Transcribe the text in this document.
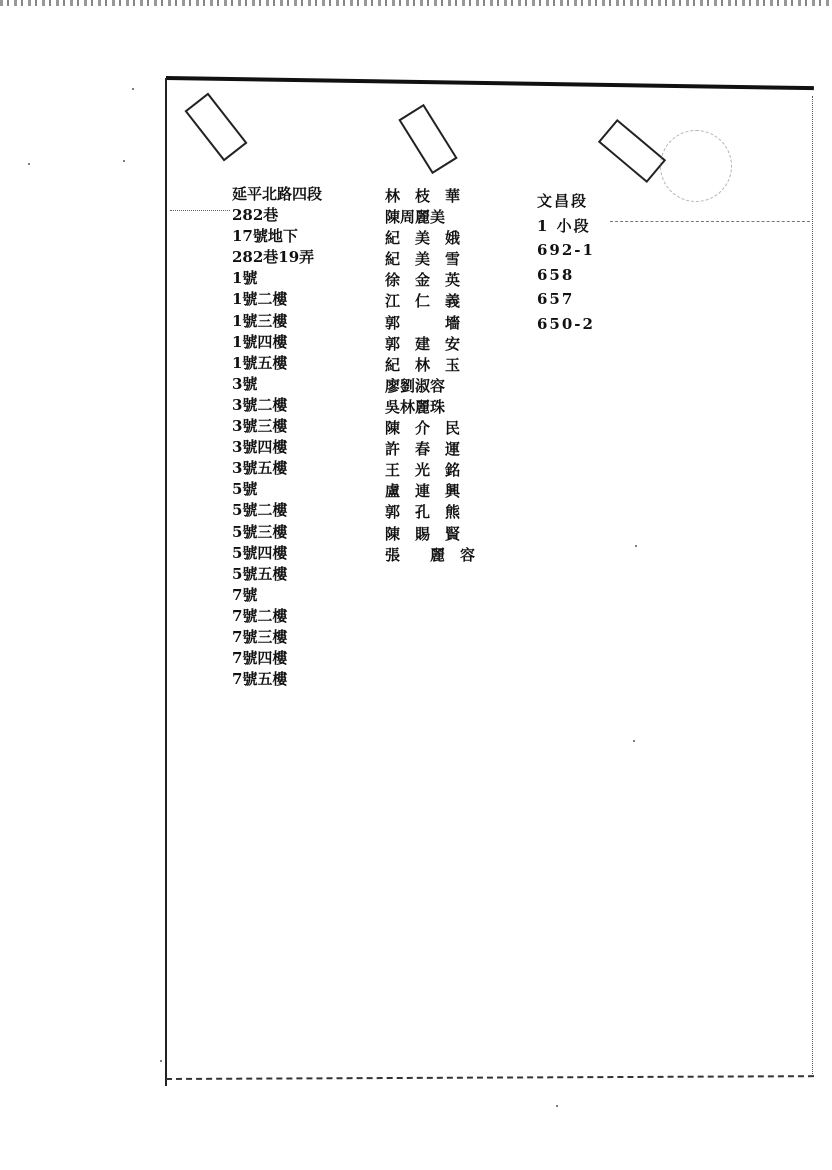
延平北路四段
282巷
17號地下
282巷19弄
1號
1號二樓
1號三樓
1號四樓
1號五樓
3號
3號二樓
3號三樓
3號四樓
3號五樓
5號
5號二樓
5號三樓
5號四樓
5號五樓
7號
7號二樓
7號三樓
7號四樓
7號五樓
林　枝　華
陳周麗美
紀　美　娥
紀　美　雪
徐　金　英
江　仁　義
郭　　　墻
郭　建　安
紀　林　玉
廖劉淑容
吳林麗珠
陳　介　民
許　春　運
王　光　銘
盧　連　興
郭　孔　熊
陳　賜　賢
張　　麗　容
文昌段
1 小段
692-1
658
657
650-2
